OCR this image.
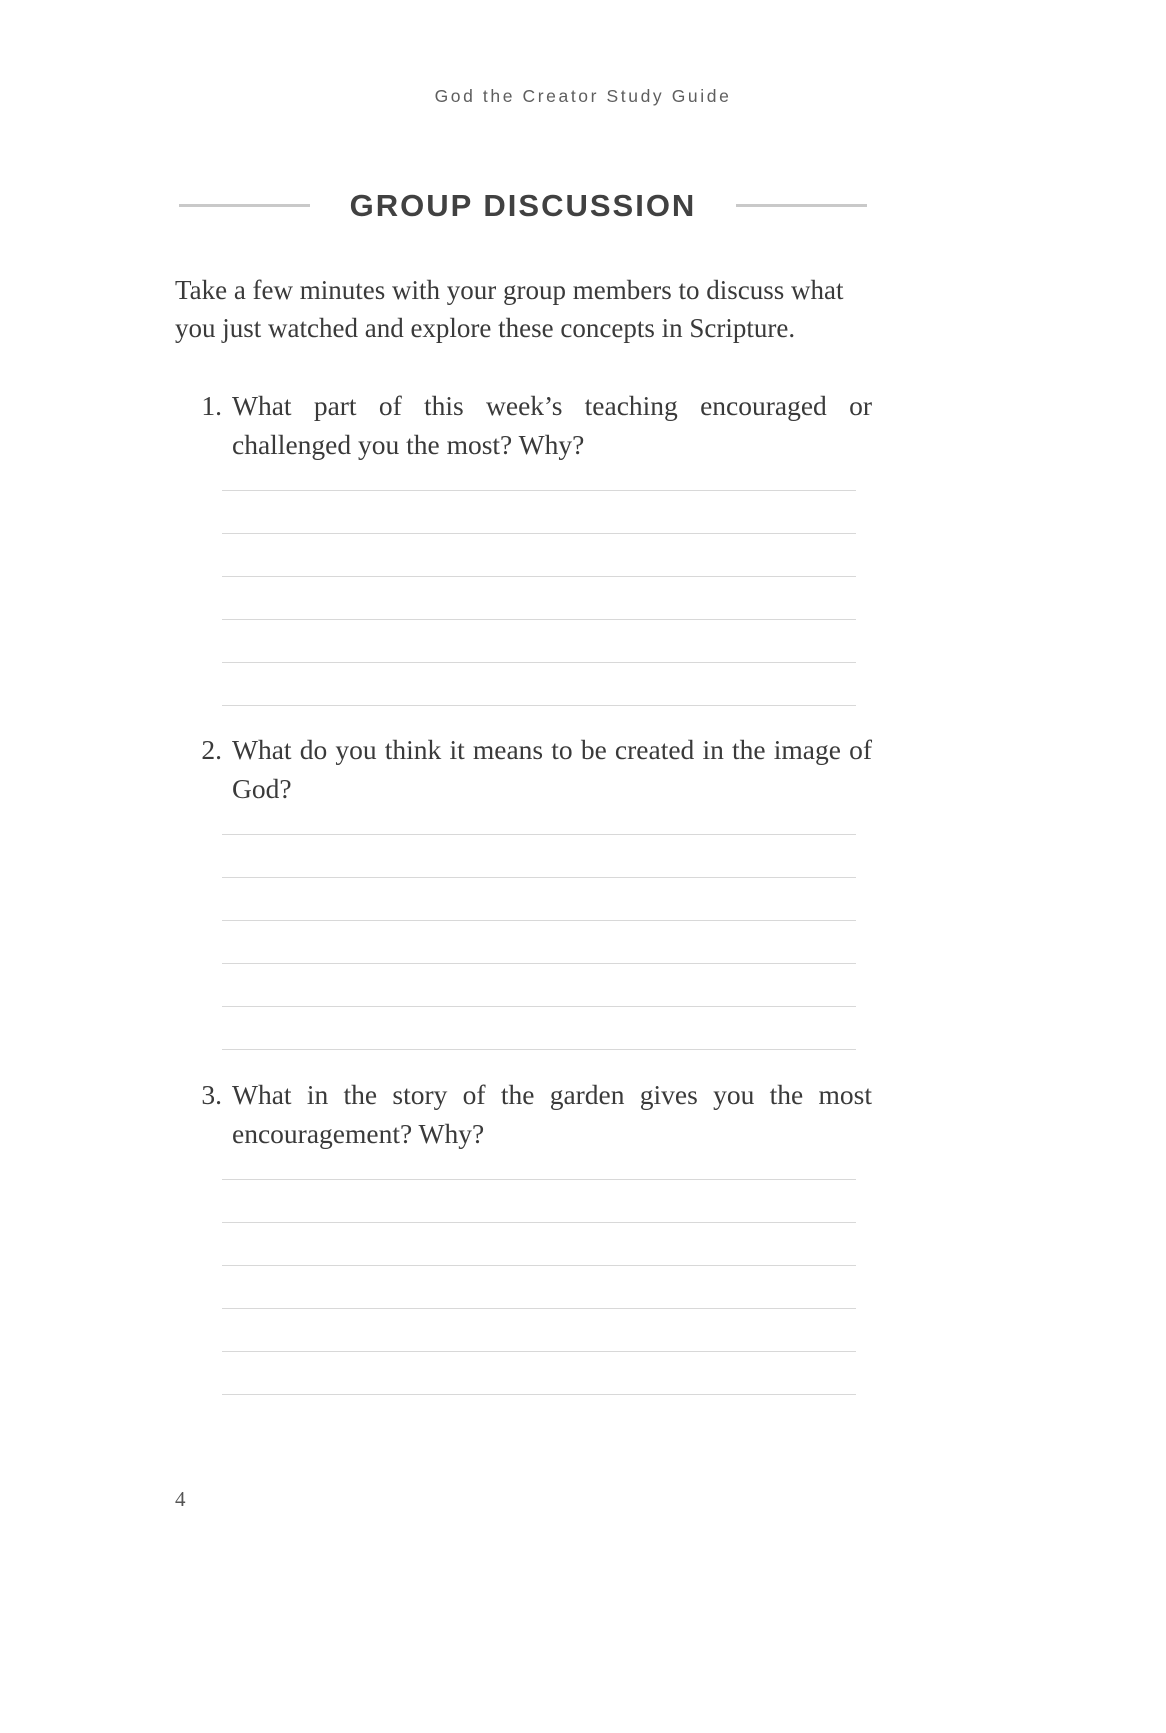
God the Creator Study Guide
GROUP DISCUSSION
Take a few minutes with your group members to discuss what you just watched and explore these concepts in Scripture.
1. What part of this week’s teaching encouraged or challenged you the most? Why?
2. What do you think it means to be created in the image of God?
3. What in the story of the garden gives you the most encouragement? Why?
4
